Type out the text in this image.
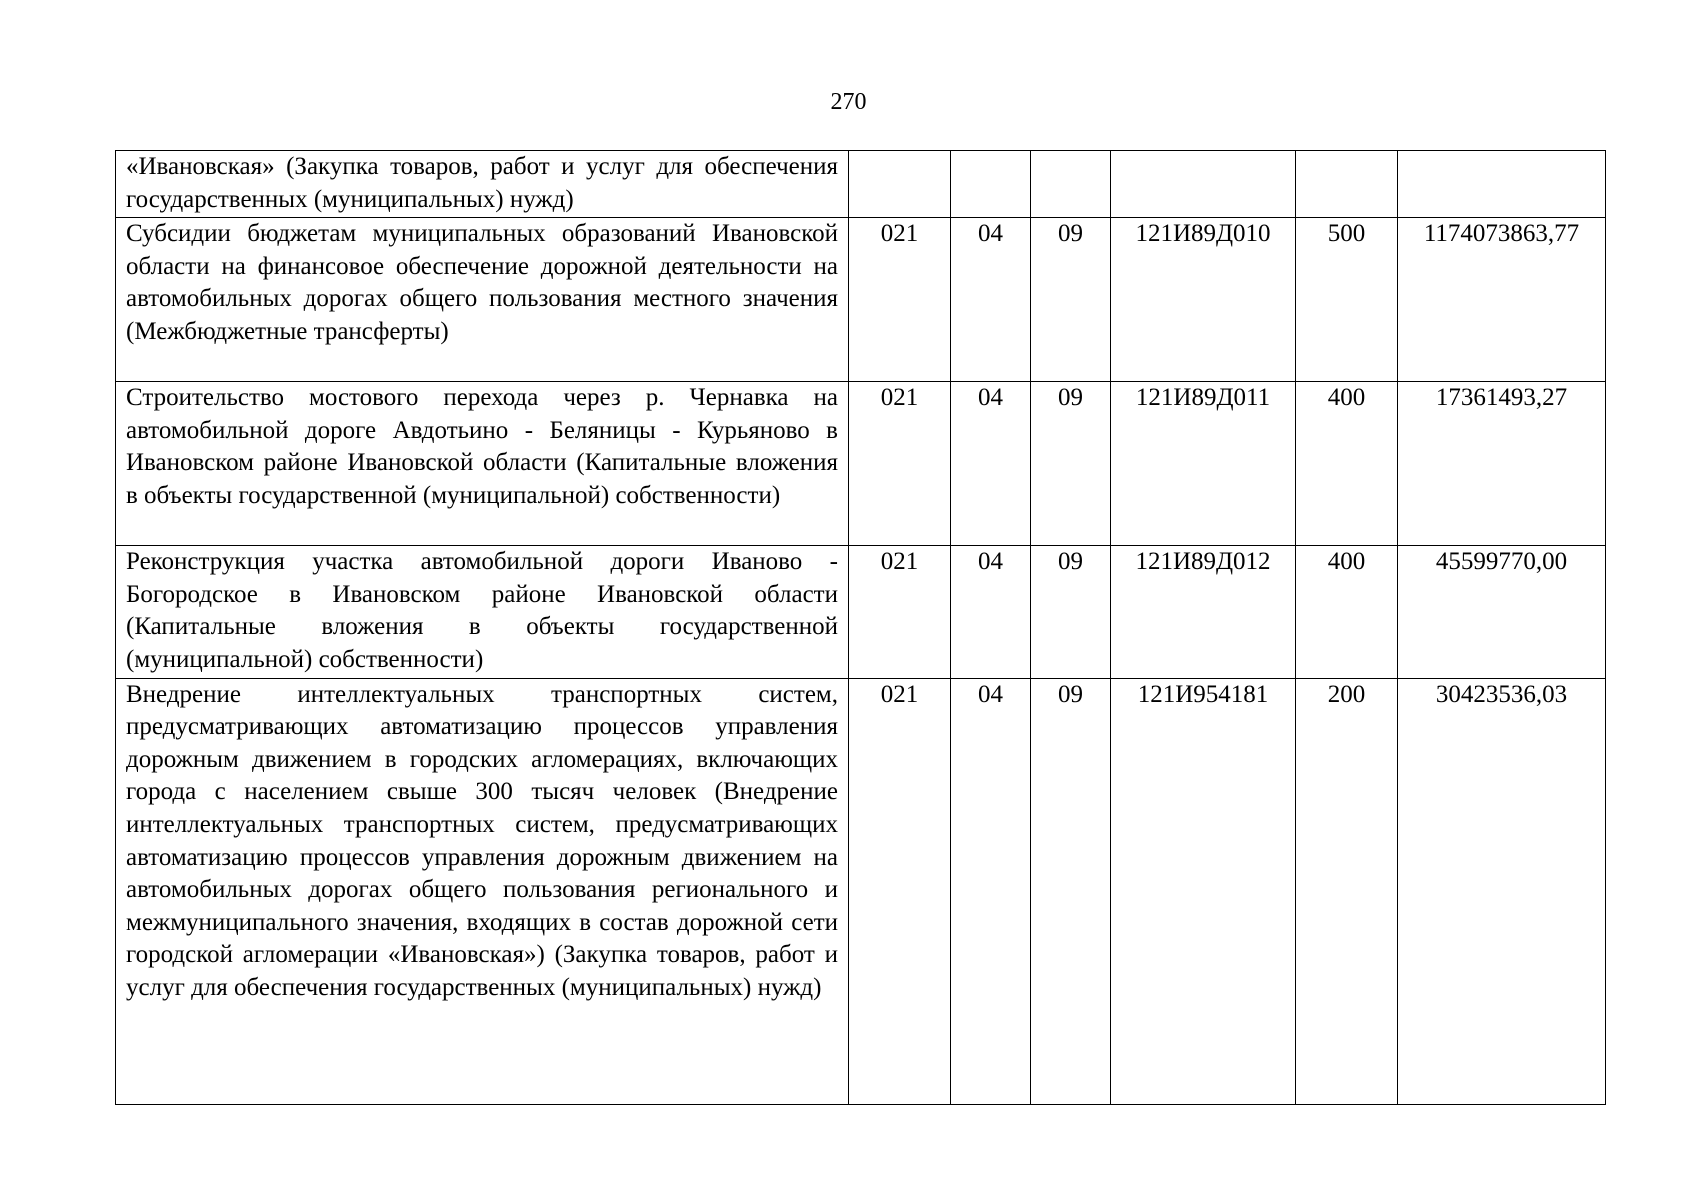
270
«Ивановская» (Закупка товаров, работ и услуг для обеспечения государственных (муниципальных) нужд)						
Субсидии бюджетам муниципальных образований Ивановской области на финансовое обеспечение дорожной деятельности на автомобильных дорогах общего пользования местного значения (Межбюджетные трансферты)	021	04	09	121И89Д010	500	1174073863,77
Строительство мостового перехода через р. Чернавка на автомобильной дороге Авдотьино - Беляницы - Курьяново в Ивановском районе Ивановской области (Капитальные вложения в объекты государственной (муниципальной) собственности)	021	04	09	121И89Д011	400	17361493,27
Реконструкция участка автомобильной дороги Иваново - Богородское в Ивановском районе Ивановской области (Капитальные вложения в объекты государственной (муниципальной) собственности)	021	04	09	121И89Д012	400	45599770,00
Внедрение интеллектуальных транспортных систем, предусматривающих автоматизацию процессов управления дорожным движением в городских агломерациях, включающих города с населением свыше 300 тысяч человек (Внедрение интеллектуальных транспортных систем, предусматривающих автоматизацию процессов управления дорожным движением на автомобильных дорогах общего пользования регионального и межмуниципального значения, входящих в состав дорожной сети городской агломерации «Ивановская») (Закупка товаров, работ и услуг для обеспечения государственных (муниципальных) нужд)	021	04	09	121И954181	200	30423536,03
